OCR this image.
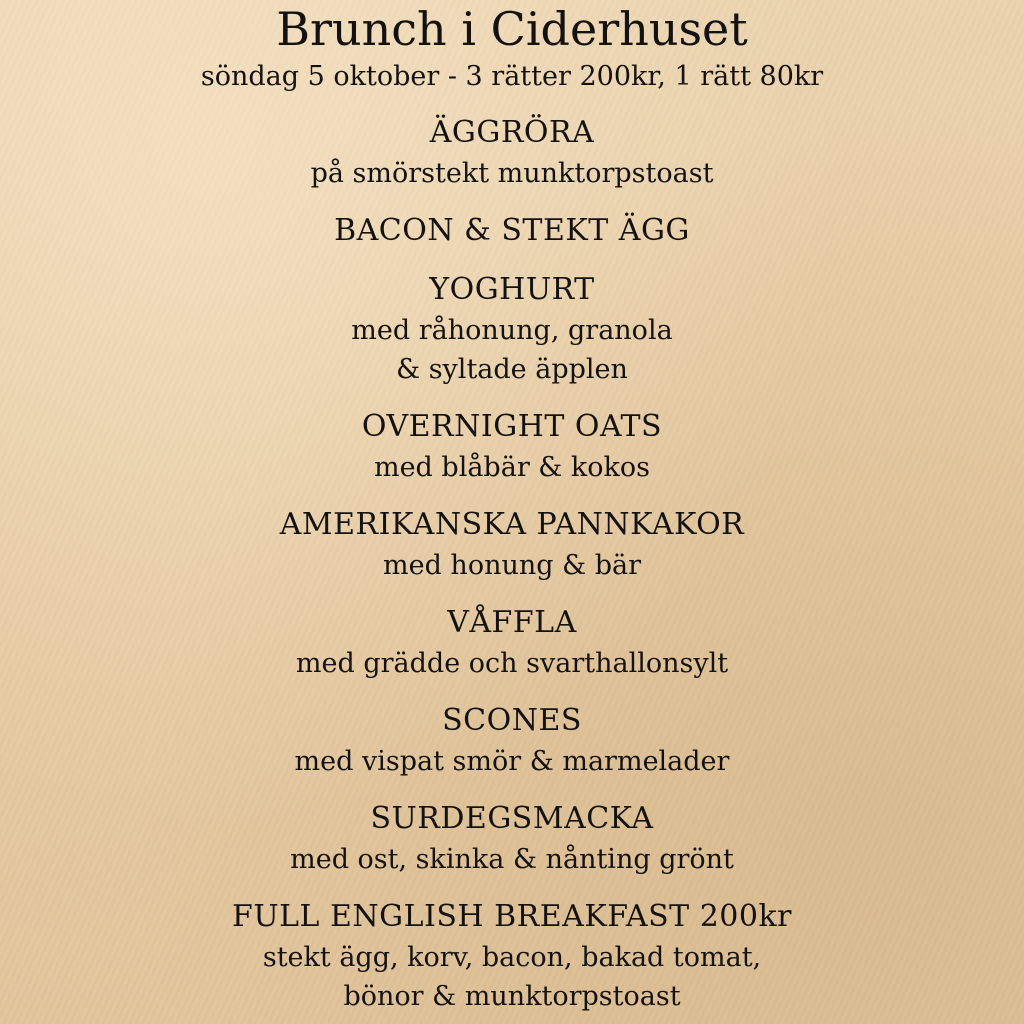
Brunch i Ciderhuset
söndag 5 oktober - 3 rätter 200kr, 1 rätt 80kr
ÄGGRÖRA
på smörstekt munktorpstoast
BACON & STEKT ÄGG
YOGHURT
med råhonung, granola
& syltade äpplen
OVERNIGHT OATS
med blåbär & kokos
AMERIKANSKA PANNKAKOR
med honung & bär
VÅFFLA
med grädde och svarthallonsylt
SCONES
med vispat smör & marmelader
SURDEGSMACKA
med ost, skinka & nånting grönt
FULL ENGLISH BREAKFAST 200kr
stekt ägg, korv, bacon, bakad tomat,
bönor & munktorpstoast
